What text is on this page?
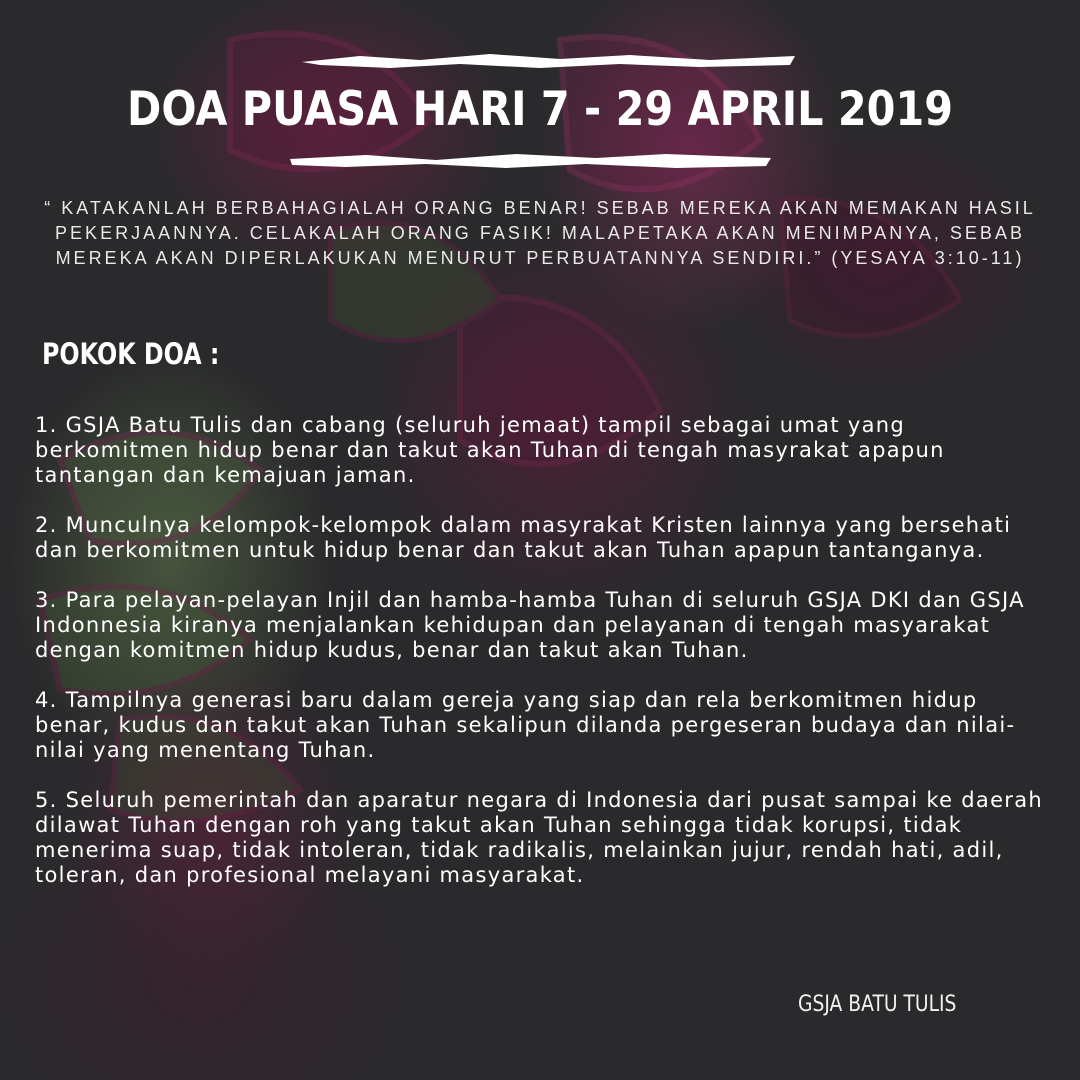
DOA PUASA HARI 7 - 29 APRIL 2019
“ KATAKANLAH BERBAHAGIALAH ORANG BENAR! SEBAB MEREKA AKAN MEMAKAN HASIL PEKERJAANNYA. CELAKALAH ORANG FASIK! MALAPETAKA AKAN MENIMPANYA, SEBAB MEREKA AKAN DIPERLAKUKAN MENURUT PERBUATANNYA SENDIRI.” (YESAYA 3:10-11)
POKOK DOA :
1. GSJA Batu Tulis dan cabang (seluruh jemaat) tampil sebagai umat yang berkomitmen hidup benar dan takut akan Tuhan di tengah masyrakat apapun tantangan dan kemajuan jaman.
2. Munculnya kelompok-kelompok dalam masyrakat Kristen lainnya yang bersehati dan berkomitmen untuk hidup benar dan takut akan Tuhan apapun tantanganya.
3. Para pelayan-pelayan Injil dan hamba-hamba Tuhan di seluruh GSJA DKI dan GSJA Indonnesia kiranya menjalankan kehidupan dan pelayanan di tengah masyarakat dengan komitmen hidup kudus, benar dan takut akan Tuhan.
4. Tampilnya generasi baru dalam gereja yang siap dan rela berkomitmen hidup benar, kudus dan takut akan Tuhan sekalipun dilanda pergeseran budaya dan nilai-nilai yang menentang Tuhan.
5. Seluruh pemerintah dan aparatur negara di Indonesia dari pusat sampai ke daerah dilawat Tuhan dengan roh yang takut akan Tuhan sehingga tidak korupsi, tidak menerima suap, tidak intoleran, tidak radikalis, melainkan jujur, rendah hati, adil, toleran, dan profesional melayani masyarakat.
GSJA BATU TULIS
